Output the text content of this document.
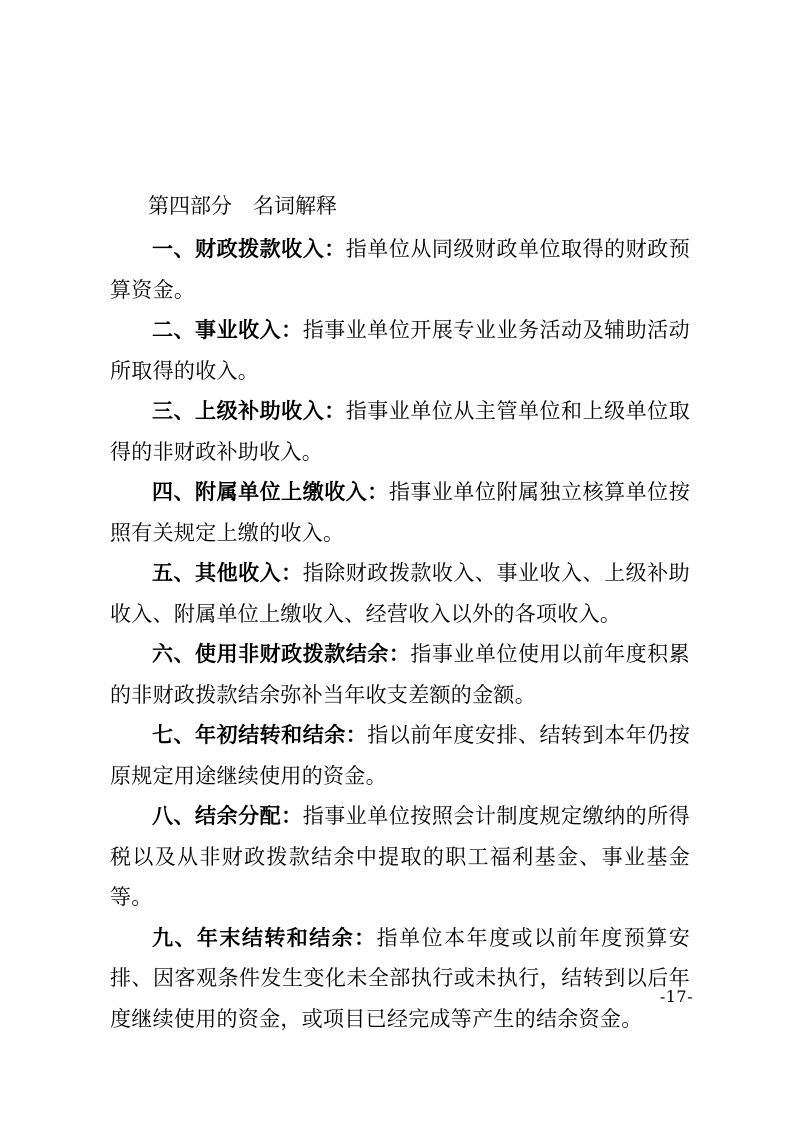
第四部分　名词解释

一、财政拨款收入：指单位从同级财政单位取得的财政预算资金。

二、事业收入：指事业单位开展专业业务活动及辅助活动所取得的收入。

三、上级补助收入：指事业单位从主管单位和上级单位取得的非财政补助收入。

四、附属单位上缴收入：指事业单位附属独立核算单位按照有关规定上缴的收入。

五、其他收入：指除财政拨款收入、事业收入、上级补助收入、附属单位上缴收入、经营收入以外的各项收入。

六、使用非财政拨款结余：指事业单位使用以前年度积累的非财政拨款结余弥补当年收支差额的金额。

七、年初结转和结余：指以前年度安排、结转到本年仍按原规定用途继续使用的资金。

八、结余分配：指事业单位按照会计制度规定缴纳的所得税以及从非财政拨款结余中提取的职工福利基金、事业基金等。

九、年末结转和结余：指单位本年度或以前年度预算安排、因客观条件发生变化未全部执行或未执行，结转到以后年度继续使用的资金，或项目已经完成等产生的结余资金。

-17-
